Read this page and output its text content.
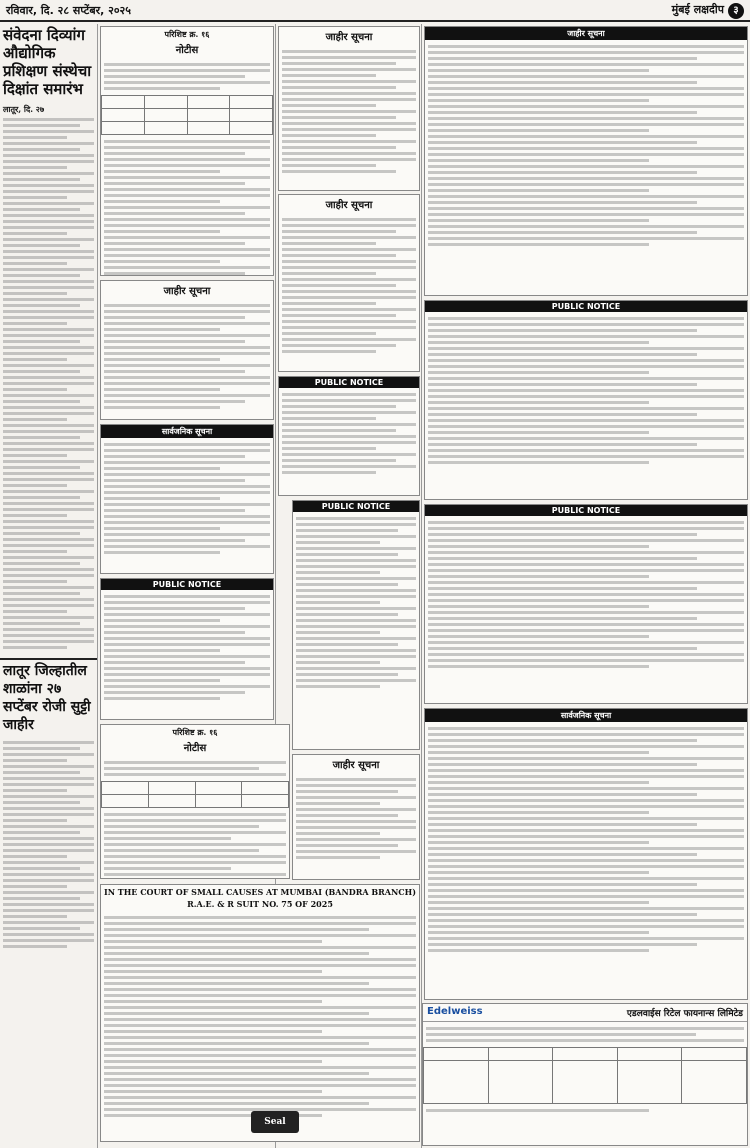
रविवार, दि. २८ सप्टेंबर, २०२५	मुंबई लक्षदीप ३
संवेदना दिव्यांग औद्योगिक प्रशिक्षण संस्थेचा दिक्षांत समारंभ
लातूर, दि. २७
लातूर जिल्हातील शाळांना २७ सप्टेंबर रोजी सुट्टी जाहीर
परिशिष्ट क्र. १६
नोटीस

जाहीर सूचना
सार्वजनिक सूचना
PUBLIC NOTICE
जाहीर सूचना
जाहीर सूचना
PUBLIC NOTICE
परिशिष्ट क्र. १६
नोटीस

IN THE COURT OF SMALL CAUSES AT MUMBAI (BANDRA BRANCH)
R.A.E. & R SUIT NO. 75 OF 2025
Seal
PUBLIC NOTICE
जाहीर सूचना
जाहीर सूचना
PUBLIC NOTICE
PUBLIC NOTICE
सार्वजनिक सूचना
Edelweiss	एडलवाईस रिटेल फायनान्स लिमिटेड
